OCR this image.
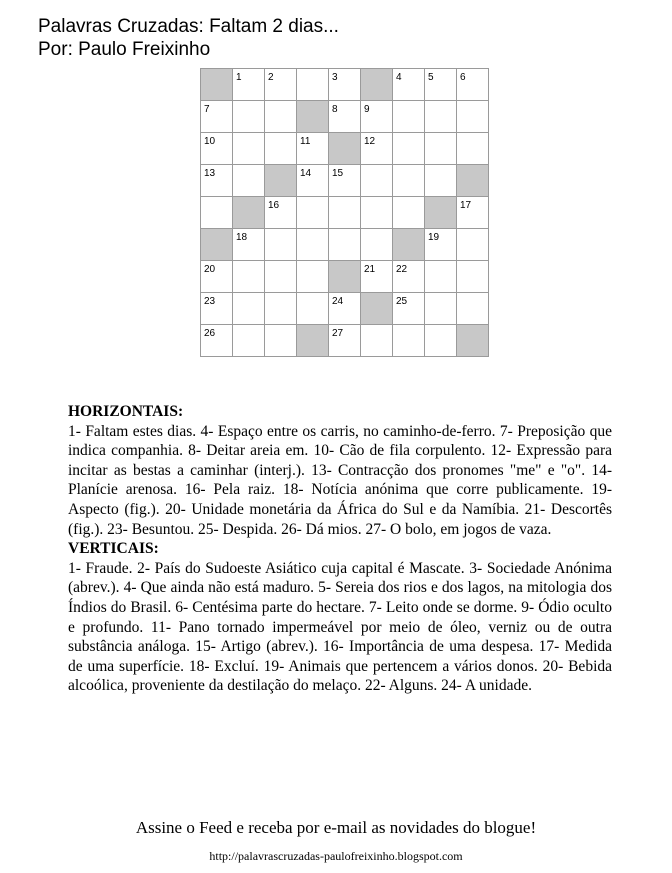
Palavras Cruzadas: Faltam 2 dias...
Por: Paulo Freixinho

	1	2		3		4	5	6

7				8	9			

10			11		12			

13			14	15				

		16						17

	18						19	

20					21	22		

23				24		25		

26				27				

HORIZONTAIS:

1- Faltam estes dias. 4- Espaço entre os carris, no caminho-de-ferro. 7- Preposição que indica companhia. 8- Deitar areia em. 10- Cão de fila corpulento. 12- Expressão para incitar as bestas a caminhar (interj.). 13- Contracção dos pronomes "me" e "o". 14- Planície arenosa. 16- Pela raiz. 18- Notícia anónima que corre publicamente. 19- Aspecto (fig.). 20- Unidade monetária da África do Sul e da Namíbia. 21- Descortês (fig.). 23- Besuntou. 25- Despida. 26- Dá mios. 27- O bolo, em jogos de vaza.

VERTICAIS:

1- Fraude. 2- País do Sudoeste Asiático cuja capital é Mascate. 3- Sociedade Anónima (abrev.). 4- Que ainda não está maduro. 5- Sereia dos rios e dos lagos, na mitologia dos Índios do Brasil. 6- Centésima parte do hectare. 7- Leito onde se dorme. 9- Ódio oculto e profundo. 11- Pano tornado impermeável por meio de óleo, verniz ou de outra substância análoga. 15- Artigo (abrev.). 16- Importância de uma despesa. 17- Medida de uma superfície. 18- Excluí. 19- Animais que pertencem a vários donos. 20- Bebida alcoólica, proveniente da destilação do melaço. 22- Alguns. 24- A unidade.

Assine o Feed e receba por e-mail as novidades do blogue!
http://palavrascruzadas-paulofreixinho.blogspot.com
